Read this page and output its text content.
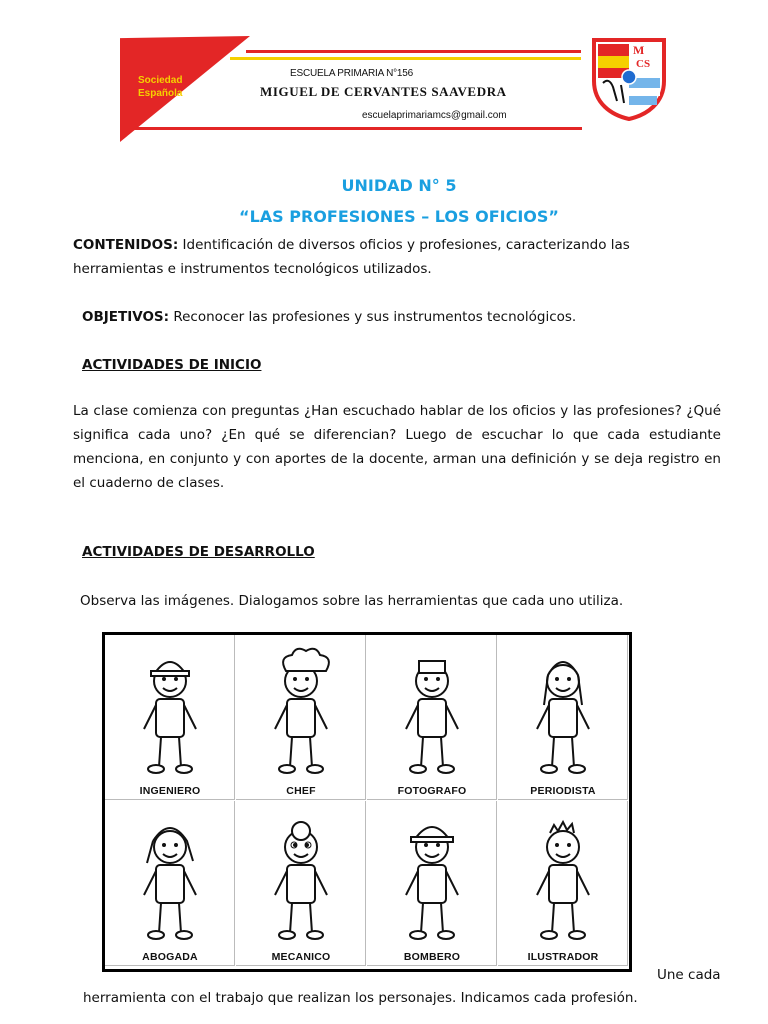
Sociedad
Española
ESCUELA PRIMARIA N°156
MIGUEL DE CERVANTES SAAVEDRA
escuelaprimariamcs@gmail.com
M
CS
UNIDAD N° 5
“LAS PROFESIONES – LOS OFICIOS”
CONTENIDOS: Identificación de diversos oficios y profesiones, caracterizando las herramientas e instrumentos tecnológicos utilizados.
OBJETIVOS: Reconocer las profesiones y sus instrumentos tecnológicos.
ACTIVIDADES DE INICIO
La clase comienza con preguntas ¿Han escuchado hablar de los oficios y las profesiones? ¿Qué significa cada uno? ¿En qué se diferencian? Luego de escuchar lo que cada estudiante menciona, en conjunto y con aportes de la docente, arman una definición y se deja registro en el cuaderno de clases.
ACTIVIDADES DE DESARROLLO
Observa las imágenes. Dialogamos sobre las herramientas que cada uno utiliza.
INGENIERO	CHEF	FOTOGRAFO	PERIODISTA
ABOGADA	MECANICO	BOMBERO	ILUSTRADOR
Une cada
herramienta con el trabajo que realizan los personajes. Indicamos cada profesión.
